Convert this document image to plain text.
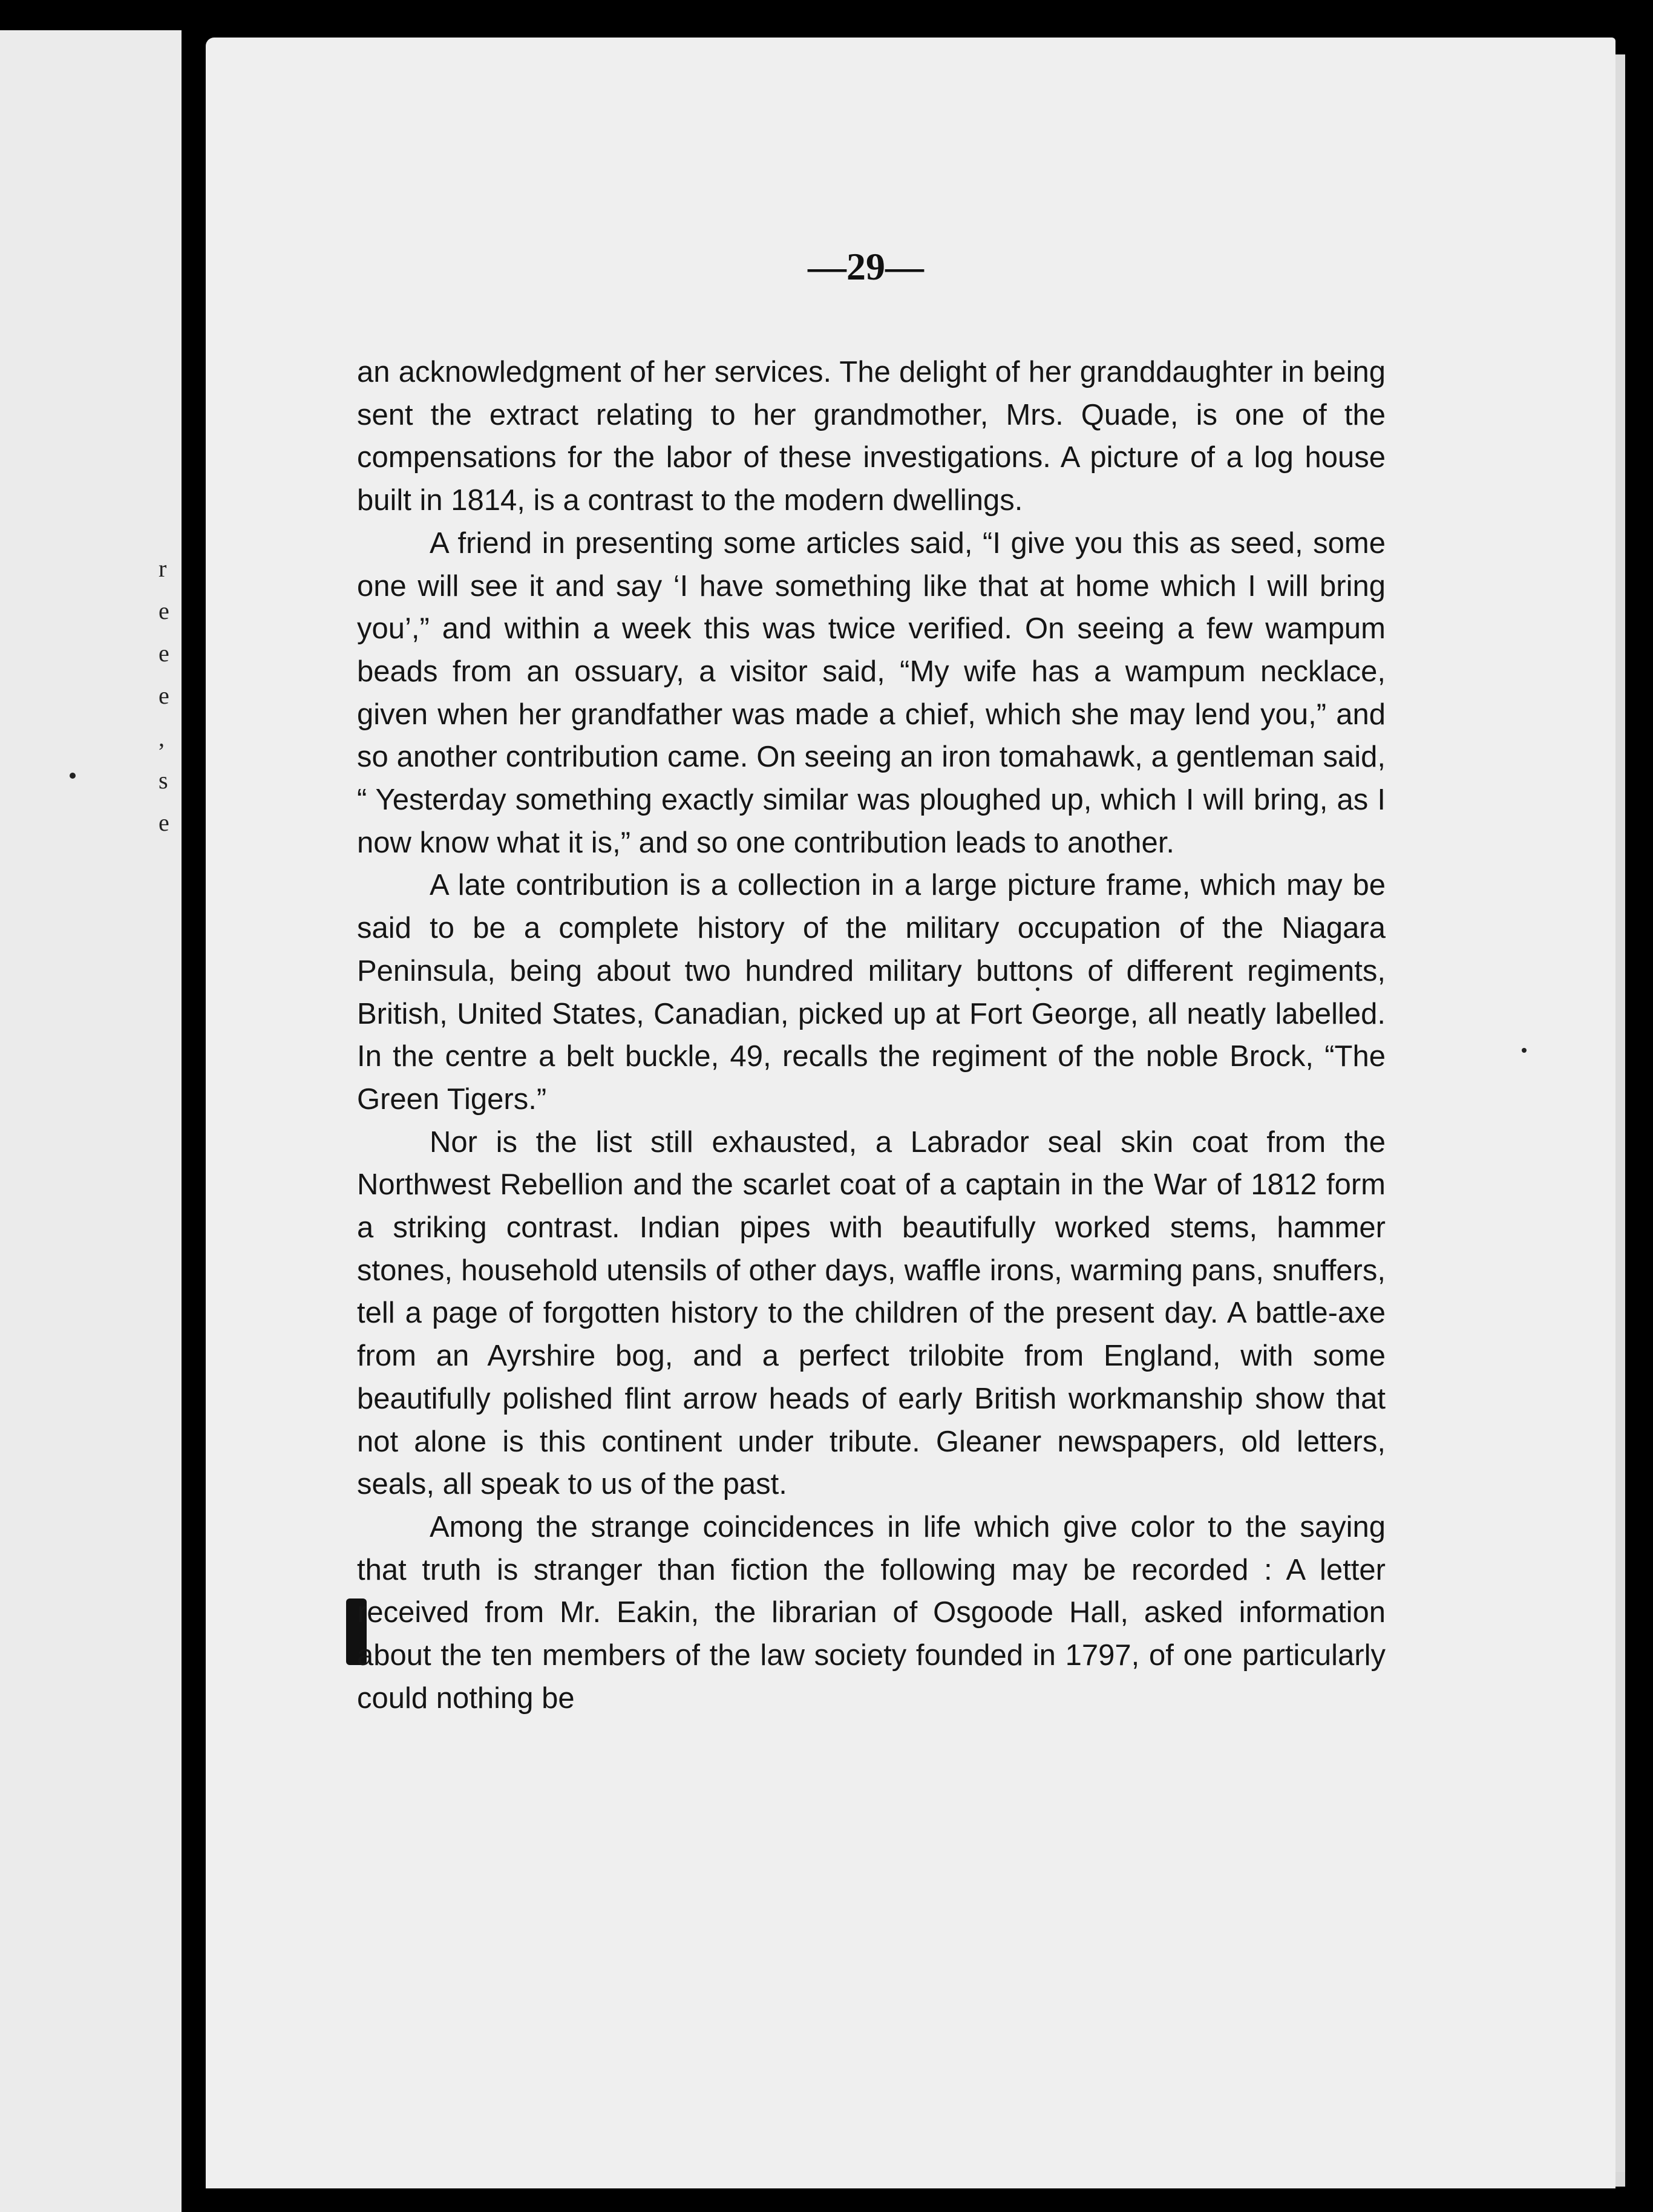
r
e
e
e
,
s
e
—29—

an acknowledgment of her services. The delight of her granddaughter in being sent the extract relating to her grandmother, Mrs. Quade, is one of the compensations for the labor of these investigations. A picture of a log house built in 1814, is a contrast to the modern dwellings.

A friend in presenting some articles said, “I give you this as seed, some one will see it and say ‘I have something like that at home which I will bring you’,” and within a week this was twice verified. On seeing a few wampum beads from an ossuary, a visitor said, “My wife has a wampum necklace, given when her grandfather was made a chief, which she may lend you,” and so another contribution came. On seeing an iron tomahawk, a gentleman said, “ Yesterday something exactly similar was ploughed up, which I will bring, as I now know what it is,” and so one contribution leads to another.

A late contribution is a collection in a large picture frame, which may be said to be a complete history of the military occupation of the Niagara Peninsula, being about two hundred military buttons of different regiments, British, United States, Canadian, picked up at Fort George, all neatly labelled. In the centre a belt buckle, 49, recalls the regiment of the noble Brock, “The Green Tigers.”

Nor is the list still exhausted, a Labrador seal skin coat from the Northwest Rebellion and the scarlet coat of a captain in the War of 1812 form a striking contrast. Indian pipes with beautifully worked stems, hammer stones, household utensils of other days, waffle irons, warming pans, snuffers, tell a page of forgotten history to the children of the present day. A battle-axe from an Ayrshire bog, and a perfect trilobite from England, with some beautifully polished flint arrow heads of early British workmanship show that not alone is this continent under tribute. Gleaner newspapers, old letters, seals, all speak to us of the past.

Among the strange coincidences in life which give color to the saying that truth is stranger than fiction the following may be recorded : A letter received from Mr. Eakin, the librarian of Osgoode Hall, asked information about the ten members of the law society founded in 1797, of one particularly could nothing be
